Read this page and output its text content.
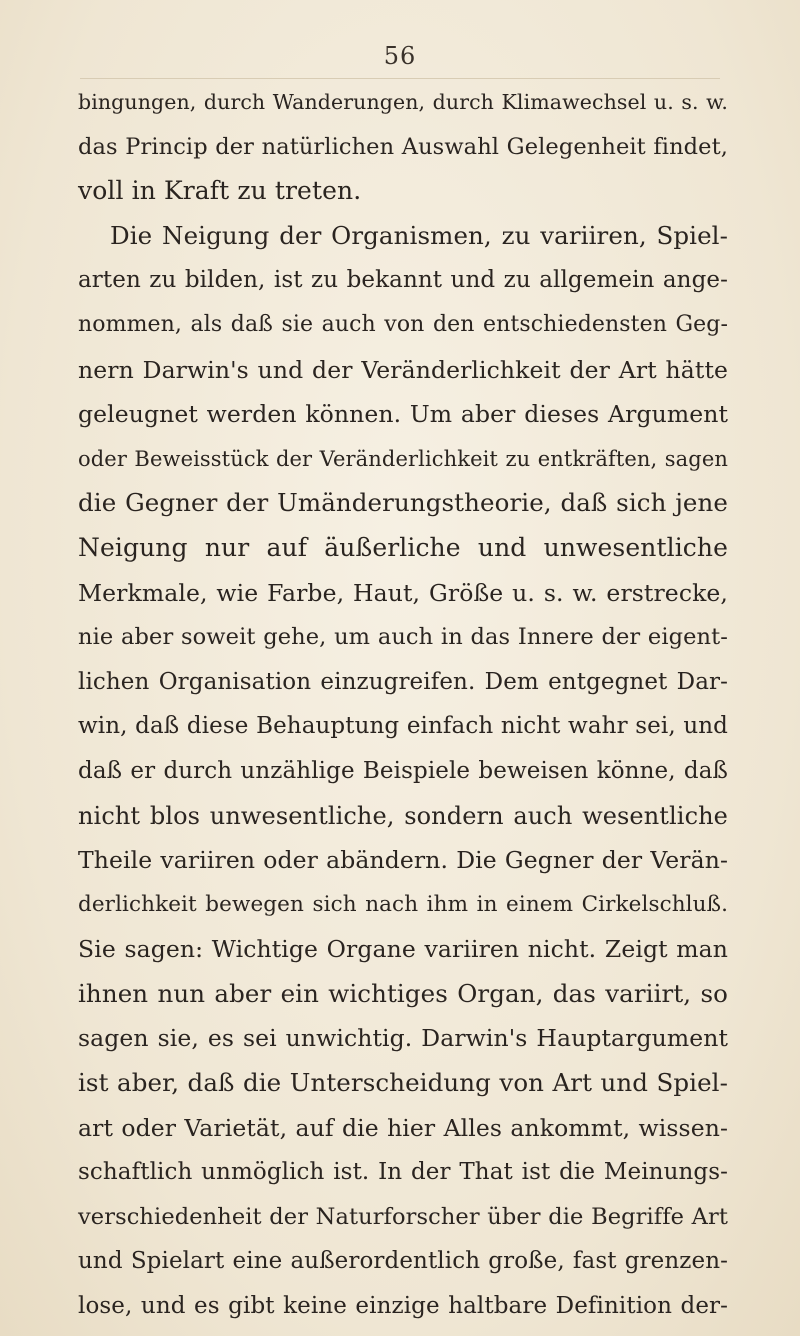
56
bingungen, durch Wanderungen, durch Klimawechsel u. s. w.
das Princip der natürlichen Auswahl Gelegenheit findet,
voll in Kraft zu treten.
Die Neigung der Organismen, zu variiren, Spiel-
arten zu bilden, ist zu bekannt und zu allgemein ange-
nommen, als daß sie auch von den entschiedensten Geg-
nern Darwin's und der Veränderlichkeit der Art hätte
geleugnet werden können. Um aber dieses Argument
oder Beweisstück der Veränderlichkeit zu entkräften, sagen
die Gegner der Umänderungstheorie, daß sich jene
Neigung nur auf äußerliche und unwesentliche
Merkmale, wie Farbe, Haut, Größe u. s. w. erstrecke,
nie aber soweit gehe, um auch in das Innere der eigent-
lichen Organisation einzugreifen. Dem entgegnet Dar-
win, daß diese Behauptung einfach nicht wahr sei, und
daß er durch unzählige Beispiele beweisen könne, daß
nicht blos unwesentliche, sondern auch wesentliche
Theile variiren oder abändern. Die Gegner der Verän-
derlichkeit bewegen sich nach ihm in einem Cirkelschluß.
Sie sagen: Wichtige Organe variiren nicht. Zeigt man
ihnen nun aber ein wichtiges Organ, das variirt, so
sagen sie, es sei unwichtig. Darwin's Hauptargument
ist aber, daß die Unterscheidung von Art und Spiel-
art oder Varietät, auf die hier Alles ankommt, wissen-
schaftlich unmöglich ist. In der That ist die Meinungs-
verschiedenheit der Naturforscher über die Begriffe Art
und Spielart eine außerordentlich große, fast grenzen-
lose, und es gibt keine einzige haltbare Definition der-
